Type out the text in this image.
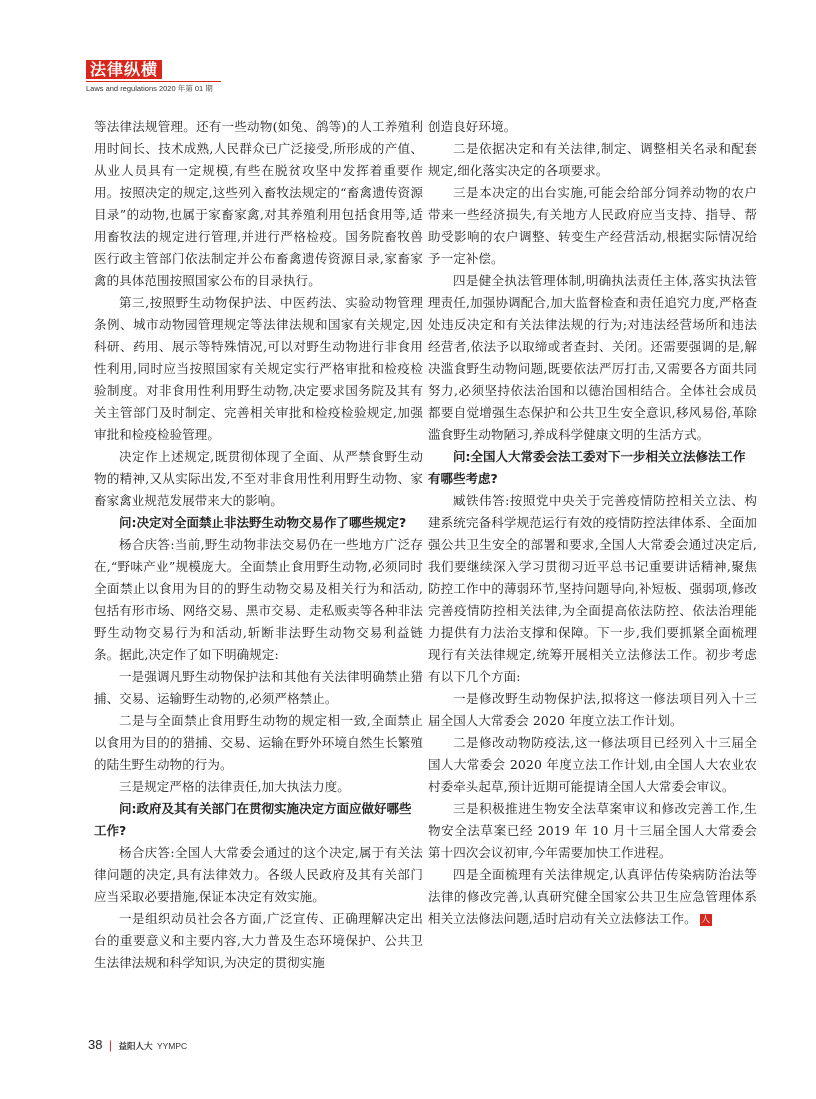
法律纵横
Laws and regulations 2020 年第 01 期

等法律法规管理。还有一些动物(如兔、鸽等)的人工养殖利用时间长、技术成熟,人民群众已广泛接受,所形成的产值、从业人员具有一定规模,有些在脱贫攻坚中发挥着重要作用。按照决定的规定,这些列入畜牧法规定的“畜禽遗传资源目录”的动物,也属于家畜家禽,对其养殖利用包括食用等,适用畜牧法的规定进行管理,并进行严格检疫。国务院畜牧兽医行政主管部门依法制定并公布畜禽遗传资源目录,家畜家禽的具体范围按照国家公布的目录执行。

第三,按照野生动物保护法、中医药法、实验动物管理条例、城市动物园管理规定等法律法规和国家有关规定,因科研、药用、展示等特殊情况,可以对野生动物进行非食用性利用,同时应当按照国家有关规定实行严格审批和检疫检验制度。对非食用性利用野生动物,决定要求国务院及其有关主管部门及时制定、完善相关审批和检疫检验规定,加强审批和检疫检验管理。

决定作上述规定,既贯彻体现了全面、从严禁食野生动物的精神,又从实际出发,不至对非食用性利用野生动物、家畜家禽业规范发展带来大的影响。

问:决定对全面禁止非法野生动物交易作了哪些规定?

杨合庆答:当前,野生动物非法交易仍在一些地方广泛存在,“野味产业”规模庞大。全面禁止食用野生动物,必须同时全面禁止以食用为目的的野生动物交易及相关行为和活动,包括有形市场、网络交易、黑市交易、走私贩卖等各种非法野生动物交易行为和活动,斩断非法野生动物交易利益链条。据此,决定作了如下明确规定:

一是强调凡野生动物保护法和其他有关法律明确禁止猎捕、交易、运输野生动物的,必须严格禁止。

二是与全面禁止食用野生动物的规定相一致,全面禁止以食用为目的的猎捕、交易、运输在野外环境自然生长繁殖的陆生野生动物的行为。

三是规定严格的法律责任,加大执法力度。

问:政府及其有关部门在贯彻实施决定方面应做好哪些工作?

杨合庆答:全国人大常委会通过的这个决定,属于有关法律问题的决定,具有法律效力。各级人民政府及其有关部门应当采取必要措施,保证本决定有效实施。

一是组织动员社会各方面,广泛宣传、正确理解决定出台的重要意义和主要内容,大力普及生态环境保护、公共卫生法律法规和科学知识,为决定的贯彻实施

创造良好环境。

二是依据决定和有关法律,制定、调整相关名录和配套规定,细化落实决定的各项要求。

三是本决定的出台实施,可能会给部分饲养动物的农户带来一些经济损失,有关地方人民政府应当支持、指导、帮助受影响的农户调整、转变生产经营活动,根据实际情况给予一定补偿。

四是健全执法管理体制,明确执法责任主体,落实执法管理责任,加强协调配合,加大监督检查和责任追究力度,严格查处违反决定和有关法律法规的行为;对违法经营场所和违法经营者,依法予以取缔或者查封、关闭。还需要强调的是,解决滥食野生动物问题,既要依法严厉打击,又需要各方面共同努力,必须坚持依法治国和以德治国相结合。全体社会成员都要自觉增强生态保护和公共卫生安全意识,移风易俗,革除滥食野生动物陋习,养成科学健康文明的生活方式。

问:全国人大常委会法工委对下一步相关立法修法工作有哪些考虑?

臧铁伟答:按照党中央关于完善疫情防控相关立法、构建系统完备科学规范运行有效的疫情防控法律体系、全面加强公共卫生安全的部署和要求,全国人大常委会通过决定后,我们要继续深入学习贯彻习近平总书记重要讲话精神,聚焦防控工作中的薄弱环节,坚持问题导向,补短板、强弱项,修改完善疫情防控相关法律,为全面提高依法防控、依法治理能力提供有力法治支撑和保障。下一步,我们要抓紧全面梳理现行有关法律规定,统筹开展相关立法修法工作。初步考虑有以下几个方面:

一是修改野生动物保护法,拟将这一修法项目列入十三届全国人大常委会 2020 年度立法工作计划。

二是修改动物防疫法,这一修法项目已经列入十三届全国人大常委会 2020 年度立法工作计划,由全国人大农业农村委牵头起草,预计近期可能提请全国人大常委会审议。

三是积极推进生物安全法草案审议和修改完善工作,生物安全法草案已经 2019 年 10 月十三届全国人大常委会第十四次会议初审,今年需要加快工作进程。

四是全面梳理有关法律规定,认真评估传染病防治法等法律的修改完善,认真研究健全国家公共卫生应急管理体系相关立法修法问题,适时启动有关立法修法工作。 人

38 | 益阳人大 YYMPC
